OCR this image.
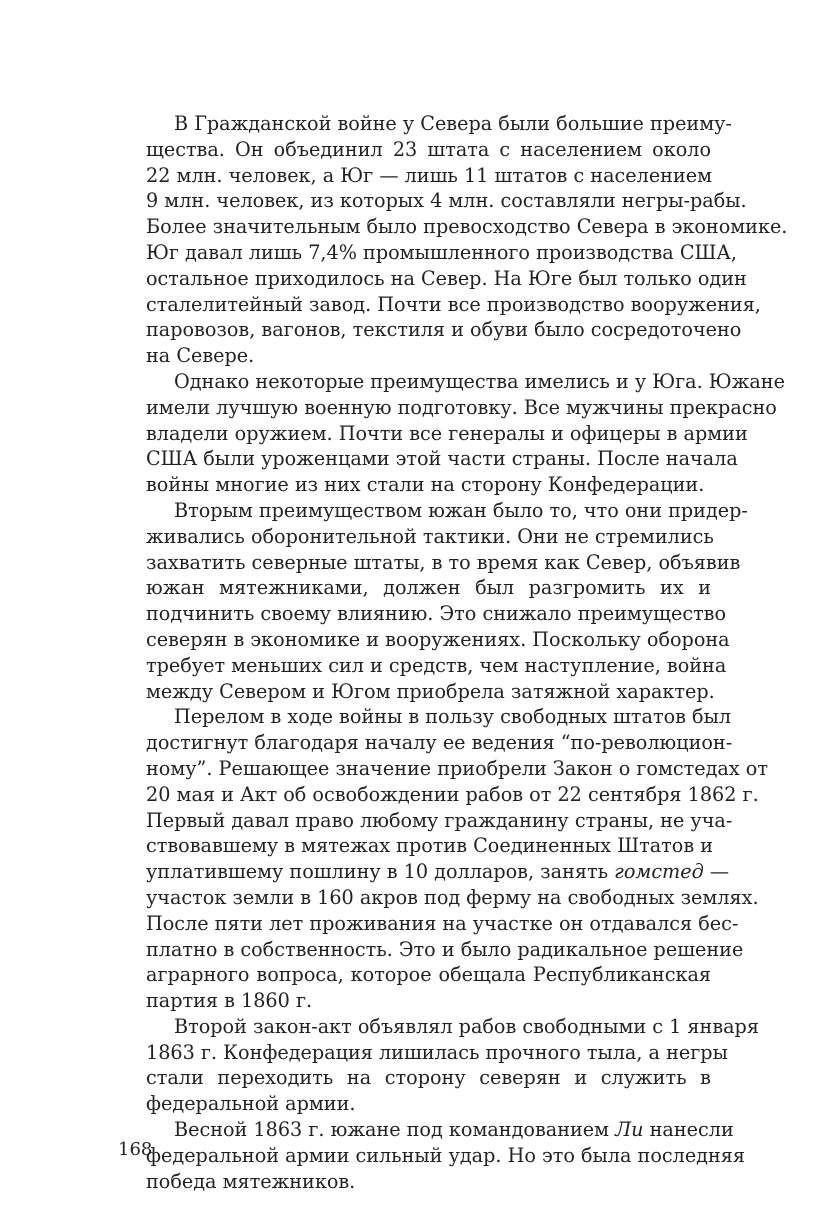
В Гражданской войне у Севера были большие преиму-
щества. Он объединил 23 штата с населением около
22 млн. человек, а Юг — лишь 11 штатов с населением
9 млн. человек, из которых 4 млн. составляли негры-рабы.
Более значительным было превосходство Севера в экономике.
Юг давал лишь 7,4% промышленного производства США,
остальное приходилось на Север. На Юге был только один
сталелитейный завод. Почти все производство вооружения,
паровозов, вагонов, текстиля и обуви было сосредоточено
на Севере.
Однако некоторые преимущества имелись и у Юга. Южане
имели лучшую военную подготовку. Все мужчины прекрасно
владели оружием. Почти все генералы и офицеры в армии
США были уроженцами этой части страны. После начала
войны многие из них стали на сторону Конфедерации.
Вторым преимуществом южан было то, что они придер-
живались оборонительной тактики. Они не стремились
захватить северные штаты, в то время как Север, объявив
южан мятежниками, должен был разгромить их и
подчинить своему влиянию. Это снижало преимущество
северян в экономике и вооружениях. Поскольку оборона
требует меньших сил и средств, чем наступление, война
между Севером и Югом приобрела затяжной характер.
Перелом в ходе войны в пользу свободных штатов был
достигнут благодаря началу ее ведения “по-революцион-
ному”. Решающее значение приобрели Закон о гомстедах от
20 мая и Акт об освобождении рабов от 22 сентября 1862 г.
Первый давал право любому гражданину страны, не уча-
ствовавшему в мятежах против Соединенных Штатов и
уплатившему пошлину в 10 долларов, занять гомстед —
участок земли в 160 акров под ферму на свободных землях.
После пяти лет проживания на участке он отдавался бес-
платно в собственность. Это и было радикальное решение
аграрного вопроса, которое обещала Республиканская
партия в 1860 г.
Второй закон-акт объявлял рабов свободными с 1 января
1863 г. Конфедерация лишилась прочного тыла, а негры
стали переходить на сторону северян и служить в
федеральной армии.
Весной 1863 г. южане под командованием Ли нанесли
федеральной армии сильный удар. Но это была последняя
победа мятежников.
168
